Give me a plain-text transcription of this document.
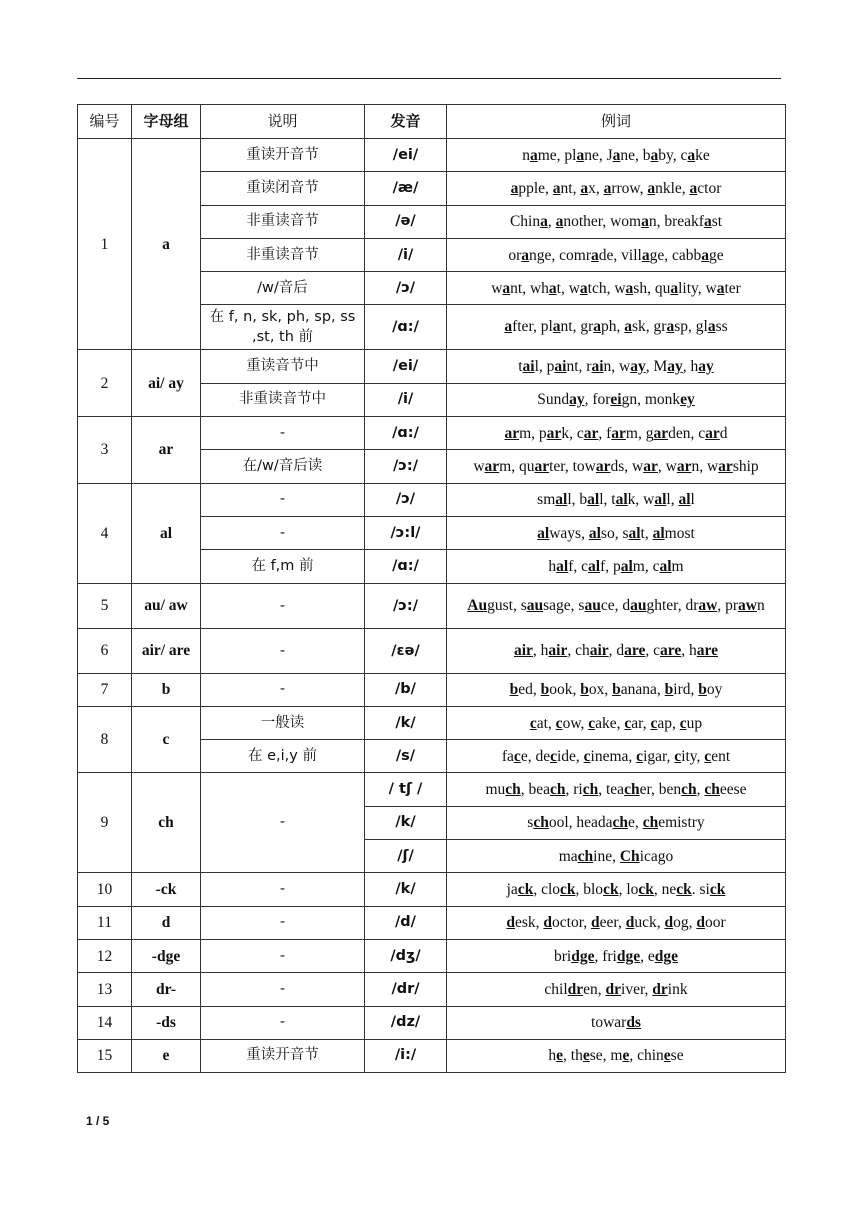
编号	字母组	说明	发音	例词
1	a	重读开音节	/ei/	name, plane, Jane, baby, cake
		重读闭音节	/æ/	apple, ant, ax, arrow, ankle, actor
		非重读音节	/ə/	China, another, woman, breakfast
		非重读音节	/i/	orange, comrade, village, cabbage
		/w/音后	/ɔ/	want, what, watch, wash, quality, water
		在 f, n, sk, ph, sp, ss ,st, th 前	/ɑ:/	after, plant, graph, ask, grasp, glass
2	ai/ ay	重读音节中	/ei/	tail, paint, rain, way, May, hay
		非重读音节中	/i/	Sunday, foreign, monkey
3	ar	-	/ɑ:/	arm, park, car, farm, garden, card
		在/w/音后读	/ɔ:/	warm, quarter, towards, war, warn, warship
4	al	-	/ɔ/	small, ball, talk, wall, all
		-	/ɔ:l/	always, also, salt, almost
		在 f,m 前	/ɑ:/	half, calf, palm, calm
5	au/ aw	-	/ɔ:/	August, sausage, sauce, daughter, draw, prawn
6	air/ are	-	/ɛə/	air, hair, chair, dare, care, hare
7	b	-	/b/	bed, book, box, banana, bird, boy
8	c	一般读	/k/	cat, cow, cake, car, cap, cup
		在 e,i,y 前	/s/	face, decide, cinema, cigar, city, cent
9	ch	-	/ tʃ /	much, beach, rich, teacher, bench, cheese
			/k/	school, headache, chemistry
			/ʃ/	machine, Chicago
10	-ck	-	/k/	jack, clock, block, lock, neck. sick
11	d	-	/d/	desk, doctor, deer, duck, dog, door
12	-dge	-	/dʒ/	bridge, fridge, edge
13	dr-	-	/dr/	children, driver, drink
14	-ds	-	/dz/	towards
15	e	重读开音节	/i:/	he, these, me, chinese
1 / 5
